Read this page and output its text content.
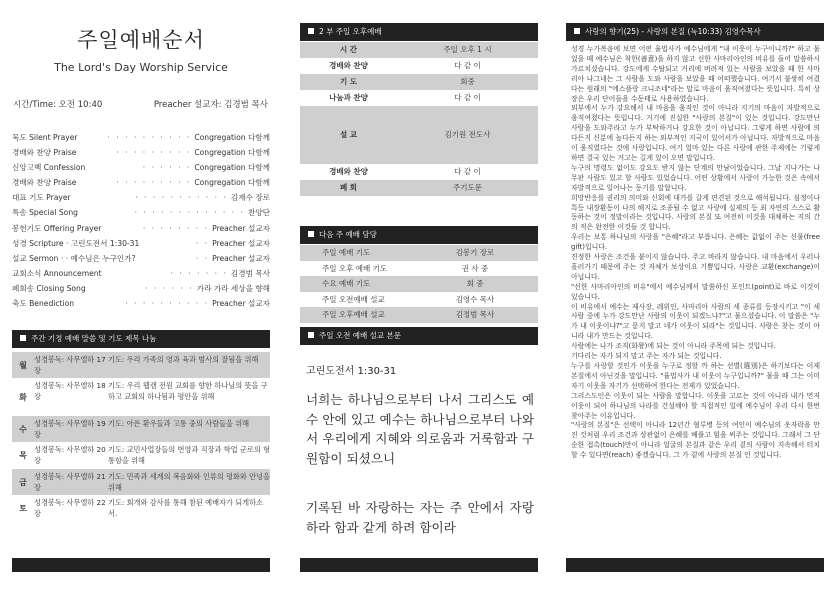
주일예배순서
The Lord's Day Worship Service
시간/Time: 오전 10:40	Preacher 설교자: 김경범 목사
묵도 Silent Prayer	· · · · · · · · · · Congregation 다함께
경배와 찬양 Praise	· · · · · · · · · Congregation 다함께
신앙고백 Confession	· · · · · · Congregation 다함께
경배와 찬양 Praise	· · · · · · · · · Congregation 다함께
대표 기도 Prayer	· · · · · · · · · · · 김재수 장로
특송 Special Song	· · · · · · · · · · · · · 찬양단
봉헌기도 Offering Prayer	· · · · · · · · Preacher 설교자
성경 Scripture · 고린도전서 1:30-31	· · Preacher 설교자
설교 Sermon · · 예수님은 누구인가?	· · Preacher 설교자
교회소식 Announcement	· · · · · · · 김경범 목사
폐회송 Closing Song	· · · · · · 가라 가라 세상을 향해
축도 Benediction	· · · · · · · · · · Preacher 설교자
주간 기정 예배 말씀 및 기도 제목 나눔
월
성경봉독: 사무엘하 17 장
기도: 우리 가족의 영과 육과 범사의 잘됨을 위해
화
성경봉독: 사무엘하 18 장
기도: 우리 웹캠 전원 교회를 향한 하나님의 뜻을 구하고 교회의 하나됨과 평안을 위해
수
성경봉독: 사무엘하 19 장
기도: 아픈 환우들과 고통 중의 사람들을 위해
목
성경봉독: 사무엘하 20 장
기도: 교민사업장들의 번영과 직장과 학업 군로의 형통함을 위해
금
성경봉독: 사무엘하 21 장
기도: 민족과 세계의 복음화와 인류의 평화와 안녕을 위해
토
성경봉독: 사무엘하 22 장
기도: 회개와 감사를 통해 참된 예배자가 되게하소서.
2 부 주일 오후예배
시 간	주일 오후 1 시
경배와 찬양	다 같 이
기 도	회중
나눔과 찬양	다 같 이
설 교	김기원 전도사
경배와 찬양	다 같 이
폐 회	주기도문
다음 주 예배 담당
주일 예배 기도	김봉기 장로
주일 오후 예배 기도	권 사 중
수요 예배 기도	회 중
주일 오전예배 설교	김영수 목사
주일 오후예배 설교	김정범 목사
주일 오전 예배 설교 본문
고린도전서 1:30-31
너희는 하나님으로부터 나서 그리스도 예수 안에 있고 예수는 하나님으로부터 나와서 우리에게 지혜와 의로움과 거룩함과 구원함이 되셨으니
기록된 바 자랑하는 자는 주 안에서 자랑하라 함과 같게 하려 함이라
사랑의 향기(25) - 사랑의 본질 (눅10:33) 김영수목사

성경 누가복음에 보면 어떤 율법사가 예수님에게 "내 이웃이 누구이니까?" 하고 물었을 때 예수님은 착한(善意)을 하지 않고 선한 사마리아인의 비유를 들어 말씀하시 가르치셨습니다. 강도에게 수탈되고 거리에 버려져 있는 사람을 보았을 때 한 사마리아 나그네는 그 사람을 도와 사람을 보았을 때 어떠했습니다. 여기서 불쌍히 여겼다는 원래의 "에스플랑 크니조네"라는 말로 마음이 움직여졌다는 뜻입니다. 특히 상장은 우리 단어들을 수동태로 사용하였습니다.

외부에서 누가 강요해서 내 마음을 움직인 것이 아니라 지기의 마음이 자발적으로 움직여졌다는 뜻입니다. 거기에 진실한 "사랑의 본질"이 있는 것입니다. 강도만난 사람을 도와주라고 누가 부탁하거나 강요한 것이 아닙니다. 그렇게 하면 사람에 의다든지 신분에 높다든지 하는 외부적인 지국이 있어서가 아닙니다. 자발적으로 마음이 움직였다는 것에 사랑입니다. 여기 얼마 있는 다른 사랑에 관한 주제에는 기렇게 하면 결국 있는 거고는 길게 있어 오면 말입니다.

누구의 명령도 없이도 강요도 받지 않는 단계의 만남이었습니다. 그날 지나가는 나무판 사람도 있고 할 사람도 있었습니다. 어떤 상황에서 사랑이 가능한 것은 속에서 자발적으로 일어나는 동기를 말합니다.

희망반응를 권리의 의미와 신회에 대가를 갈게 편견된 것으로 해석됩니다. 심정이나 특등 내장환동이 나의 해지로 조종될 수 없고 사랑에 실제의 등 최 자연의 스스로 활동하는 것이 정말이라는 것입니다. 사랑의 본질 또 여전히 이것을 대체하는 지의 간의 적은 완전한 이것들 것 합니다.

우리는 보통 하나님의 사랑을 "은혜"라고 부릅니다. 은혜는 값없이 주는 선물(free gift)입니다.

진정한 사랑은 조건을 붙이지 않습니다. 주고 바라지 않습니다. 내 마음에서 우러나 흘러가기 때문에 주는 것 자체가 보상이요 기쁨입니다. 사랑은 교환(exchange)이 아닙니다.

"선한 사마리아인의 비유"에서 예수님께서 말씀하신 포인트(point)로 바로 이것이 있습니다.

이 비유에서 예수는 제사장, 레위인, 사마리아 사람의 세 종류를 등장시키고 "이 세 사람 중에 누가 강도만난 사람의 이웃이 되겠느냐?"고 물으셨습니다. 이 말씀은 "누가 내 이웃이냐?"고 묻지 말고 네가 이웃이 되라"는 것입니다. 사람은 찾는 것이 아니라 내가 만드는 것입니다.

사람에는 나가 조직(화왕)에 되는 것이 아니라 주목에 되는 것입니다.

기다리는 자가 되지 말고 주는 자가 되는 것입니다.

누구를 사랑할 것인가 이웃을 누구로 정할 까 하는 선별(選別)은 하기보다는 이제 본질에서 아닌것을 말입니다. "율법사가 내 이웃이 누구입니까?" 물을 때 그는 이미 자기 이웃을 자기가 선택하여 한다는 전제가 있었습니다.

그리스도인은 이웃이 되는 사람을 말합니다. 이웃을 고르는 것이 아니라 내가 먼저 이웃이 되어 하나님의 나라를 건설해야 할 직접적인 일에 예수님이 우리 다시 한번 찾아주는 이유입니다.

"사랑의 본질"은 선택이 아니라 12년간 혈루병 등의 여인이 예수님의 옷자락을 만진 것처럼 우리 조건과 상관없이 은혜를 베풀고 힘을 써주는 것입니다. 그래서 그 단순한 접촉(touch)만이 아니라 얼굴의 본질과 같은 우리 곁의 사람이 지속해서 터치할 수 있다면(reach) 좋겠습니다. 그 가 곁에 사랑의 본질 인 것입니다.
